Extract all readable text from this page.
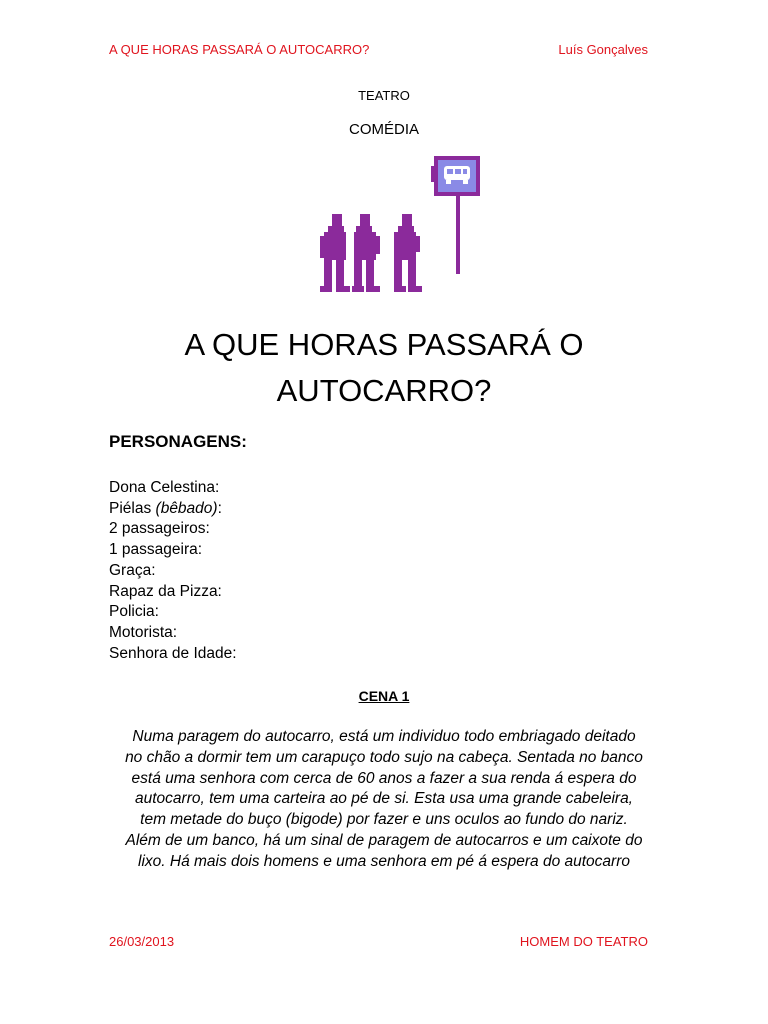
A QUE HORAS PASSARÁ O AUTOCARRO?	Luís Gonçalves
TEATRO
COMÉDIA
A QUE HORAS PASSARÁ O
AUTOCARRO?
PERSONAGENS:
Dona Celestina:
Piélas (bêbado):
2 passageiros:
1 passageira:
Graça:
Rapaz da Pizza:
Policia:
Motorista:
Senhora de Idade:
CENA 1

Numa paragem do autocarro, está um individuo todo embriagado deitado
no chão a dormir tem um carapuço todo sujo na cabeça. Sentada no banco
está uma senhora com cerca de 60 anos a fazer a sua renda á espera do
autocarro, tem uma carteira ao pé de si. Esta usa uma grande cabeleira,
tem metade do buço (bigode) por fazer e uns oculos ao fundo do nariz.
Além de um banco, há um sinal de paragem de autocarros e um caixote do
lixo. Há mais dois homens e uma senhora em pé á espera do autocarro

26/03/2013	HOMEM DO TEATRO
